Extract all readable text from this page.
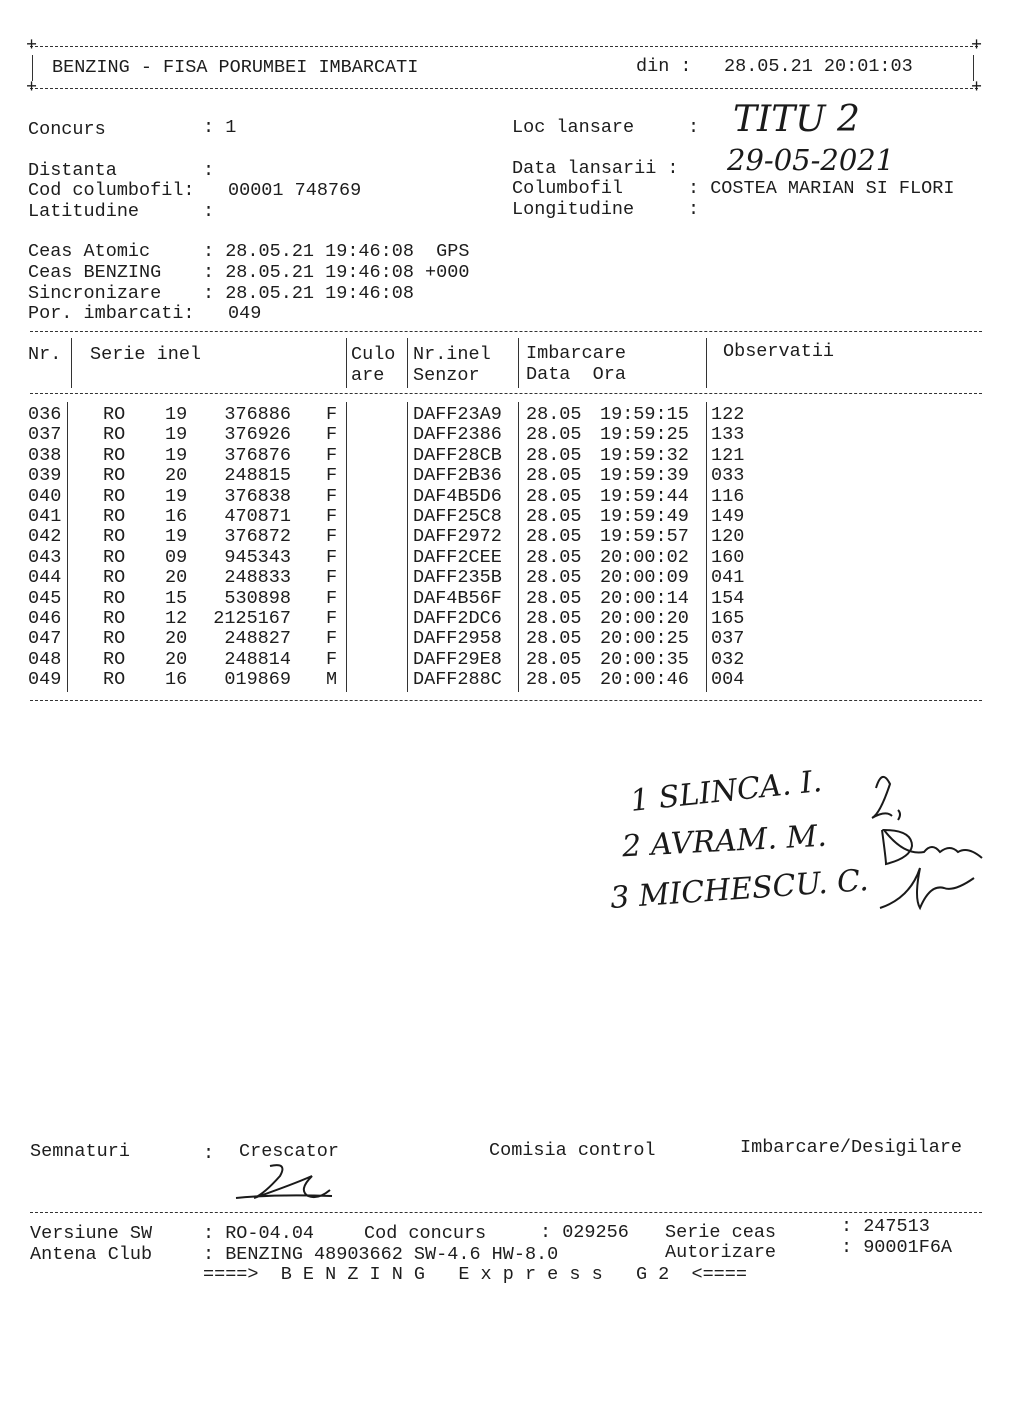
+	+
BENZING - FISA PORUMBEI IMBARCATI	din : 28.05.21 20:01:03
+	+
Concurs	: 1	Loc lansare	: TITU 2
Distanta	:	Data lansarii : 29-05-2021
Cod columbofil: 00001 748769	Columbofil	: COSTEA MARIAN SI FLORI
Latitudine	:	Longitudine	:
Ceas Atomic	: 28.05.21 19:46:08  GPS
Ceas BENZING : 28.05.21 19:46:08 +000
Sincronizare : 28.05.21 19:46:08
Por. imbarcati: 049
Nr. Serie inel	Culo
are
Nr.inel
Senzor
Imbarcare
Data  Ora
Observatii
036 RO 19 376886 F	DAFF23A9 28.05 19:59:15 122
037 RO 19 376926 F	DAFF2386 28.05 19:59:25 133
038 RO 19 376876 F	DAFF28CB 28.05 19:59:32 121
039 RO 20 248815 F	DAFF2B36 28.05 19:59:39 033
040 RO 19 376838 F	DAF4B5D6 28.05 19:59:44 116
041 RO 16 470871 F	DAFF25C8 28.05 19:59:49 149
042 RO 19 376872 F	DAFF2972 28.05 19:59:57 120
043 RO 09 945343 F	DAFF2CEE 28.05 20:00:02 160
044 RO 20 248833 F	DAFF235B 28.05 20:00:09 041
045 RO 15 530898 F	DAF4B56F 28.05 20:00:14 154
046 RO 12 2125167 F	DAFF2DC6 28.05 20:00:20 165
047 RO 20 248827 F	DAFF2958 28.05 20:00:25 037
048 RO 20 248814 F	DAFF29E8 28.05 20:00:35 032
049 RO 16 019869 M	DAFF288C 28.05 20:00:46 004
1 SLINCA. I.
2 AVRAM. M.
3 MICHESCU. C.
Semnaturi	: Crescator	Comisia control	Imbarcare/Desigilare
Versiune SW	: RO-04.04	Cod concurs	: 029256 Serie ceas	: 247513
Antena Club	: BENZING 48903662 SW-4.6 HW-8.0	Autorizare	: 90001F6A
====>  B E N Z I N G   E x p r e s s   G 2  <====
